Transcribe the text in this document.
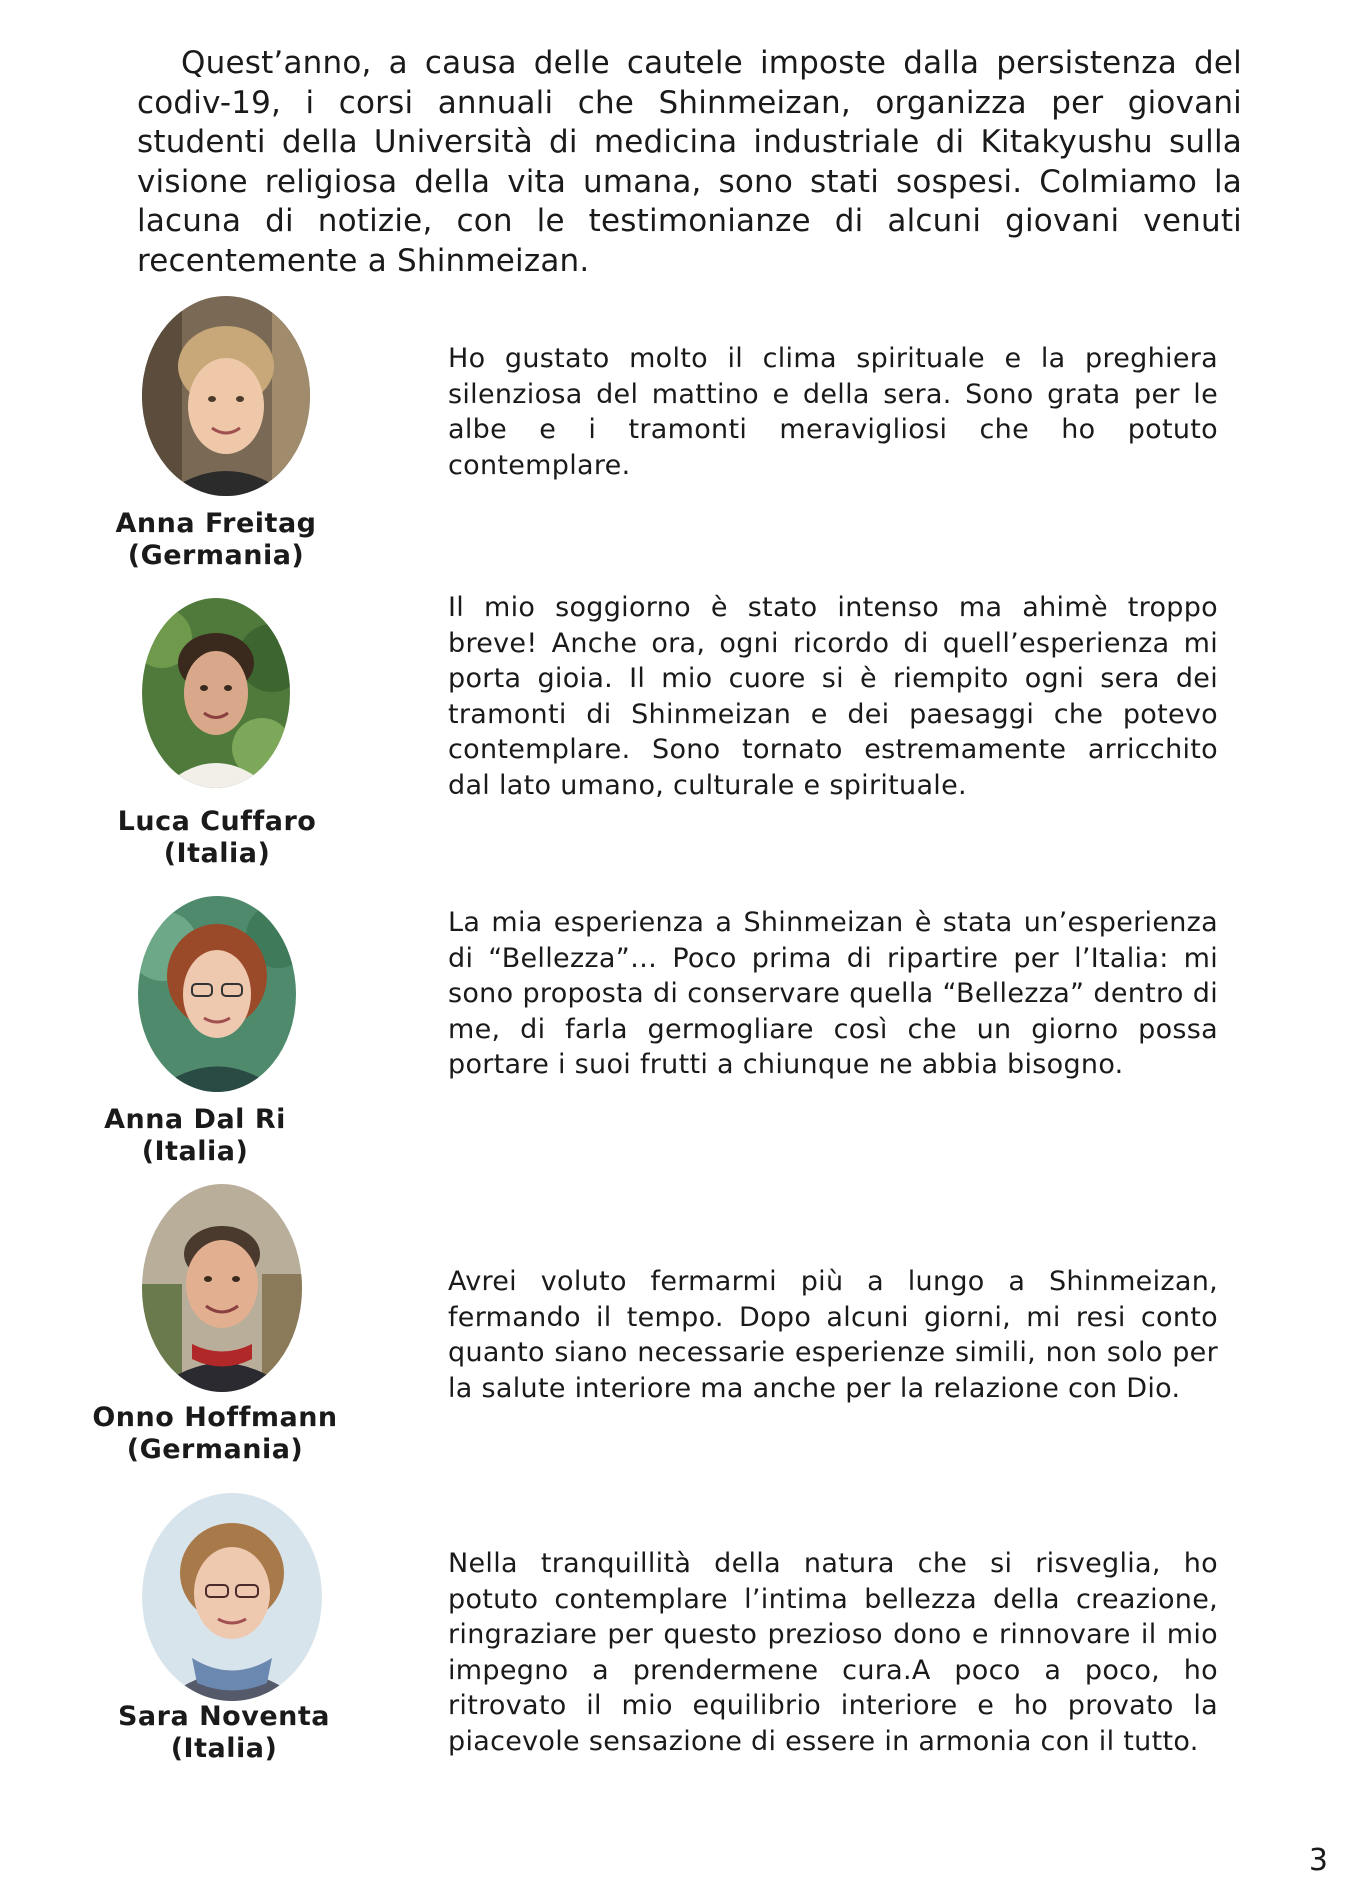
Quest’anno, a causa delle cautele imposte dalla persistenza del codiv-19, i corsi annuali che Shinmeizan, organizza per giovani studenti della Università di medicina industriale di Kitakyushu sulla visione religiosa della vita umana, sono stati sospesi. Colmiamo la lacuna di notizie, con le testimonianze di alcuni giovani venuti recentemente a Shinmeizan.
Anna Freitag
(Germania)
Ho gustato molto il clima spirituale e la preghiera silenziosa del mattino e della sera. Sono grata per le albe e i tramonti meravigliosi che ho potuto contemplare.
Luca Cuffaro
(Italia)
Il mio soggiorno è stato intenso ma ahimè troppo breve! Anche ora, ogni ricordo di quell’esperienza mi porta gioia. Il mio cuore si è riempito ogni sera dei tramonti di Shinmeizan e dei paesaggi che potevo contemplare. Sono tornato estremamente arricchito dal lato umano, culturale e spirituale.
Anna Dal Ri
(Italia)
La mia esperienza a Shinmeizan è stata un’esperienza di “Bellezza”… Poco prima di ripartire per l’Italia: mi sono proposta di conservare quella “Bellezza” dentro di me, di farla germogliare così che un giorno possa portare i suoi frutti a chiunque ne abbia bisogno.
Onno Hoffmann
(Germania)
Avrei voluto fermarmi più a lungo a Shinmeizan, fermando il tempo. Dopo alcuni giorni, mi resi conto quanto siano necessarie esperienze simili, non solo per la salute interiore ma anche per la relazione con Dio.
Sara Noventa
(Italia)
Nella tranquillità della natura che si risveglia, ho potuto contemplare l’intima bellezza della creazione, ringraziare per questo prezioso dono e rinnovare il mio impegno a prendermene cura.A poco a poco, ho ritrovato il mio equilibrio interiore e ho provato la piacevole sensazione di essere in armonia con il tutto.
3
